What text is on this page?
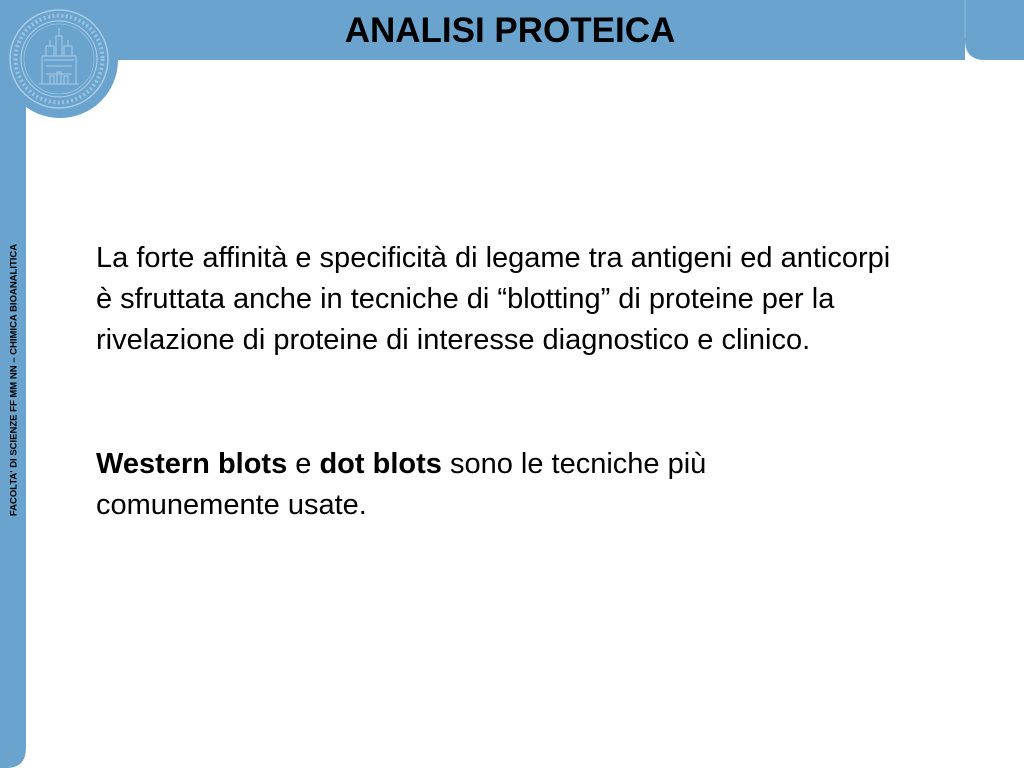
ANALISI PROTEICA
FACOLTA' DI SCIENZE FF MM NN – CHIMICA BIOANALITICA	La forte affinità e specificità di legame tra antigeni ed anticorpi è sfruttata anche in tecniche di “blotting” di proteine per la rivelazione di proteine di interesse diagnostico e clinico.

Western blots e dot blots sono le tecniche più comunemente usate.
